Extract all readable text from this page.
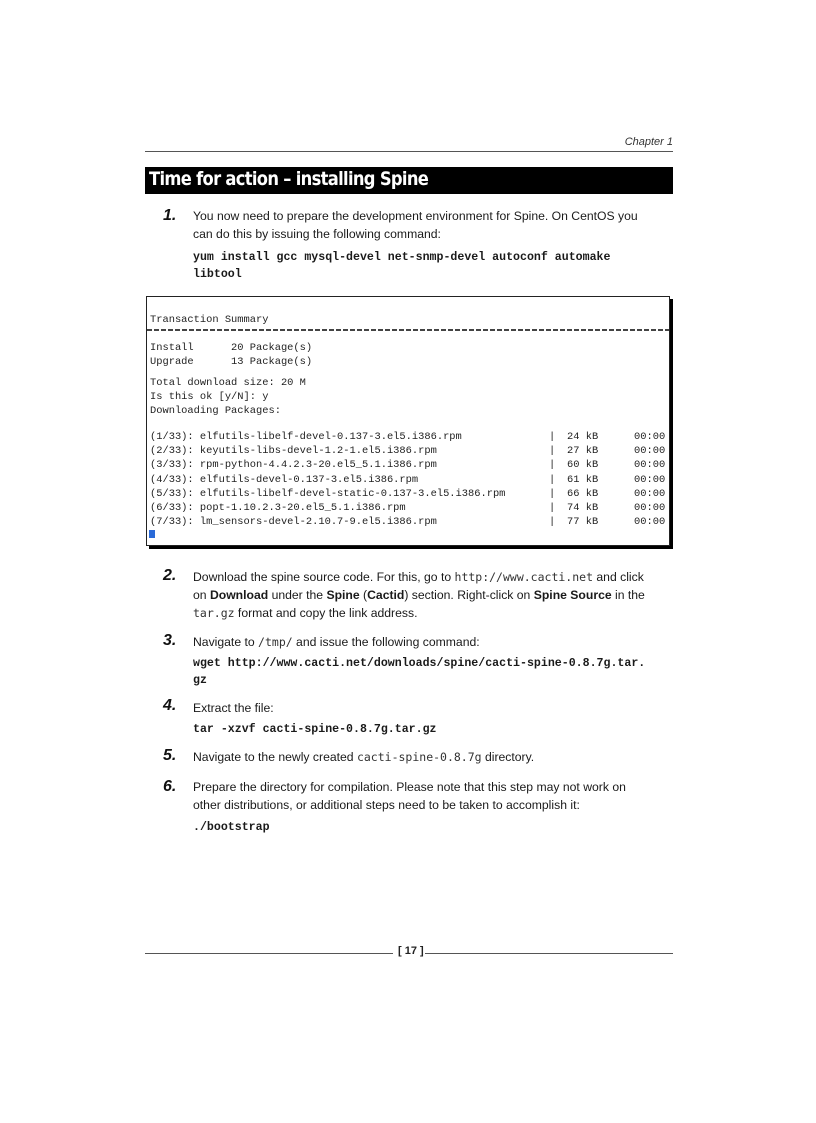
Chapter 1
Time for action – installing Spine
1. You now need to prepare the development environment for Spine. On CentOS you
can do this by issuing the following command:
yum install gcc mysql-devel net-snmp-devel autoconf automake
libtool
Transaction Summary
Install      20 Package(s)
Upgrade      13 Package(s)
Total download size: 20 M
Is this ok [y/N]: y
Downloading Packages:
(1/33): elfutils-libelf-devel-0.137-3.el5.i386.rpm	| 24 kB	00:00
(2/33): keyutils-libs-devel-1.2-1.el5.i386.rpm	| 27 kB	00:00
(3/33): rpm-python-4.4.2.3-20.el5_5.1.i386.rpm	| 60 kB	00:00
(4/33): elfutils-devel-0.137-3.el5.i386.rpm	| 61 kB	00:00
(5/33): elfutils-libelf-devel-static-0.137-3.el5.i386.rpm	| 66 kB	00:00
(6/33): popt-1.10.2.3-20.el5_5.1.i386.rpm	| 74 kB	00:00
(7/33): lm_sensors-devel-2.10.7-9.el5.i386.rpm	| 77 kB	00:00
2. Download the spine source code. For this, go to http://www.cacti.net and click
on Download under the Spine (Cactid) section. Right-click on Spine Source in the
tar.gz format and copy the link address.
3. Navigate to /tmp/ and issue the following command:
wget http://www.cacti.net/downloads/spine/cacti-spine-0.8.7g.tar.
gz
4. Extract the file:
tar -xzvf cacti-spine-0.8.7g.tar.gz
5. Navigate to the newly created cacti-spine-0.8.7g directory.
6. Prepare the directory for compilation. Please note that this step may not work on
other distributions, or additional steps need to be taken to accomplish it:
./bootstrap
[ 17 ]
